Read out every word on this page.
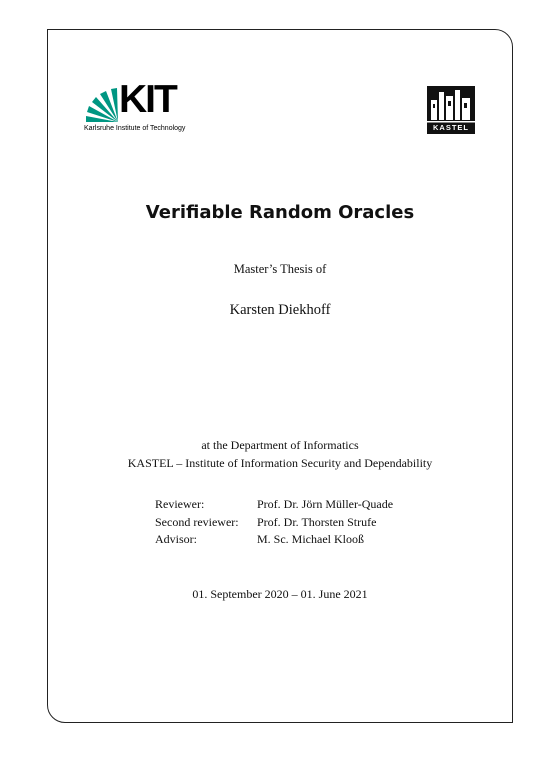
KIT
Karlsruhe Institute of Technology	KASTEL
Verifiable Random Oracles
Master’s Thesis of
Karsten Diekhoff
at the Department of Informatics
KASTEL – Institute of Information Security and Dependability
Reviewer:	Prof. Dr. Jörn Müller-Quade
Second reviewer:	Prof. Dr. Thorsten Strufe
Advisor:	M. Sc. Michael Klooß
01. September 2020 – 01. June 2021
